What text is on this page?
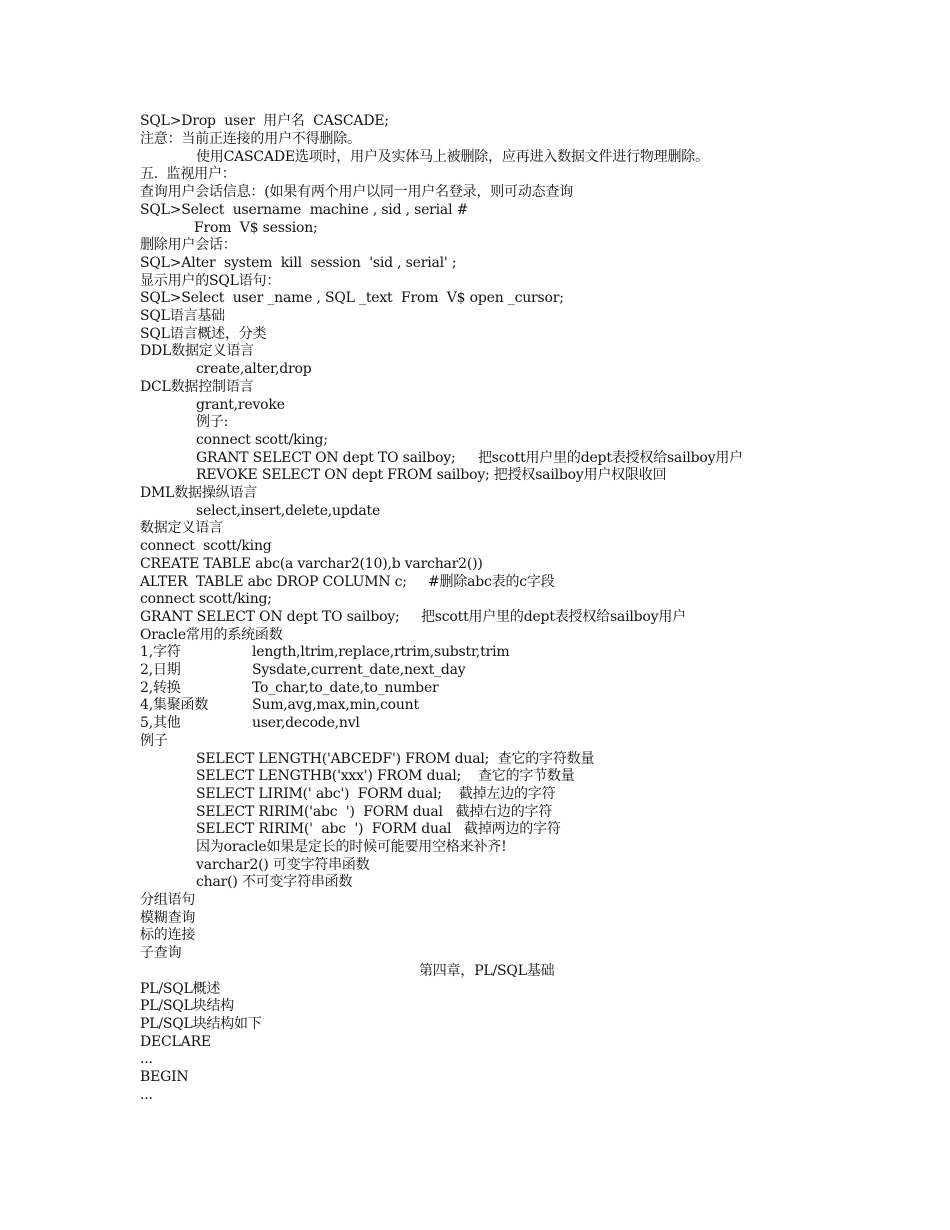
SQL>Drop  user  用户名  CASCADE;
注意：当前正连接的用户不得删除。
使用CASCADE选项时，用户及实体马上被删除，应再进入数据文件进行物理删除。
五.  监视用户：
查询用户会话信息：(如果有两个用户以同一用户名登录，则可动态查询
SQL>Select  username  machine , sid , serial #
From  V$ session;
删除用户会话：
SQL>Alter  system  kill  session  'sid , serial' ;
显示用户的SQL语句：
SQL>Select  user _name , SQL _text  From  V$ open _cursor;
SQL语言基础
SQL语言概述，分类
DDL数据定义语言
create,alter,drop
DCL数据控制语言
grant,revoke
例子:
connect scott/king;
GRANT SELECT ON dept TO sailboy; 把scott用户里的dept表授权给sailboy用户
REVOKE SELECT ON dept FROM sailboy; 把授权sailboy用户权限收回
DML数据操纵语言
select,insert,delete,update
数据定义语言
connect  scott/king
CREATE TABLE abc(a varchar2(10),b varchar2())
ALTER  TABLE abc DROP COLUMN c; #删除abc表的c字段
connect scott/king;
GRANT SELECT ON dept TO sailboy; 把scott用户里的dept表授权给sailboy用户
Oracle常用的系统函数
1,字符	length,ltrim,replace,rtrim,substr,trim
2,日期	Sysdate,current_date,next_day
2,转换	To_char,to_date,to_number
4,集聚函数	Sum,avg,max,min,count
5,其他	user,decode,nvl
例子
SELECT LENGTH('ABCEDF') FROM dual;  查它的字符数量
SELECT LENGTHB('xxx') FROM dual;    查它的字节数量
SELECT LIRIM(' abc')  FORM dual;    截掉左边的字符
SELECT RIRIM('abc  ')  FORM dual   截掉右边的字符
SELECT RIRIM('  abc  ')  FORM dual   截掉两边的字符
因为oracle如果是定长的时候可能要用空格来补齐!
varchar2() 可变字符串函数
char() 不可变字符串函数
分组语句
模糊查询
标的连接
子查询
第四章，PL/SQL基础
PL/SQL概述
PL/SQL块结构
PL/SQL块结构如下
DECLARE
...
BEGIN
...
